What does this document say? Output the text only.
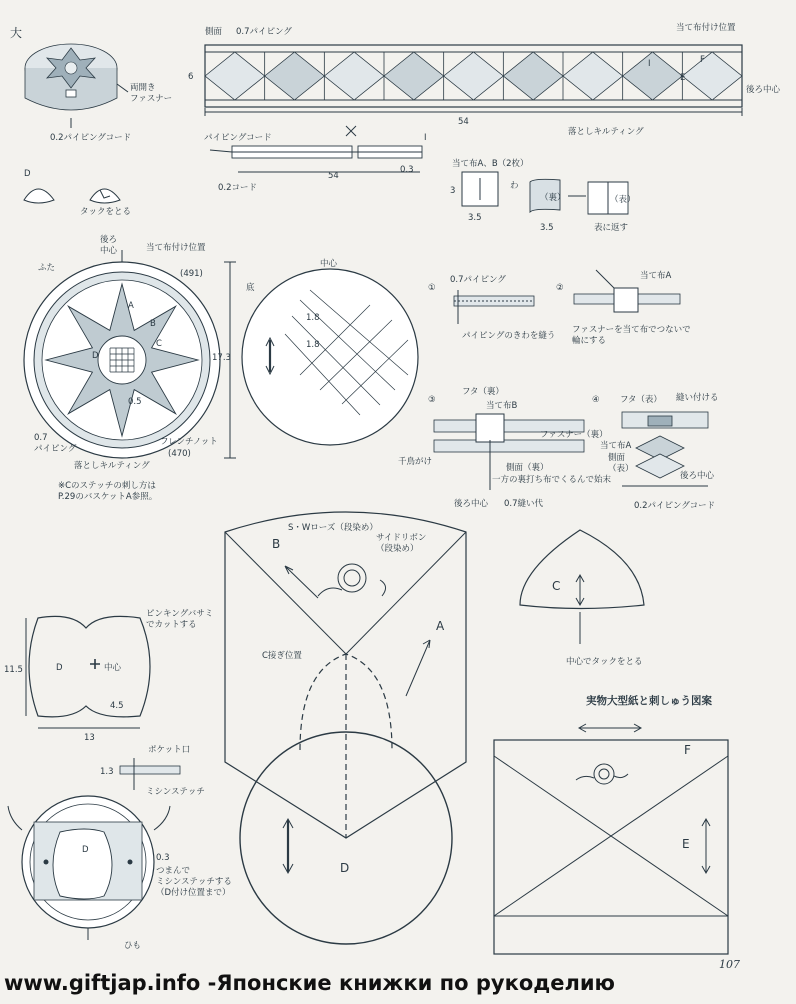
大
両開きファスナー
0.2パイピングコード
側面 0.7パイピング	当て布付け位置
6
54
後ろ中心
落としキルティング
I
E
F
パイピングコード
0.2コード
54
0.3
I
当て布A、B（2枚）
3
3.5
わ
（裏）	（表）
3.5	表に返す
D
タックをとる
後ろ中心	当て布付け位置
ふた
(491)
0.7 パイピング
A
B
C
D
0.5
フレンチノット
(470)
落としキルティング
※Cのステッチの刺し方は P.29のバスケットA参照。
底
中心
1.8
1.8
17.3
①
0.7パイピング
パイピングのきわを縫う
②
当て布A
ファスナーを当て布でつないで輪にする
③
フタ（裏）
当て布B
ファスナー（裏）
千鳥がけ
側面（裏）
一方の裏打ち布でくるんで始末
後ろ中心 0.7縫い代
④ フタ（表） 縫い付ける
当て布A
側面（表）
後ろ中心
0.2パイピングコード
S・Wローズ（段染め）
サイドリボン（段染め）
B
A
C接ぎ位置
D
C
中心でタックをとる
実物大型紙と刺しゅう図案
F
E
ピンキングバサミでカットする
11.5	D	中心
4.5
13
ポケット口
1.3
ミシンステッチ
D
0.3
つまんでミシンステッチする（D付け位置まで）
ひも
107
www.giftjap.info -Японские книжки по рукоделию
